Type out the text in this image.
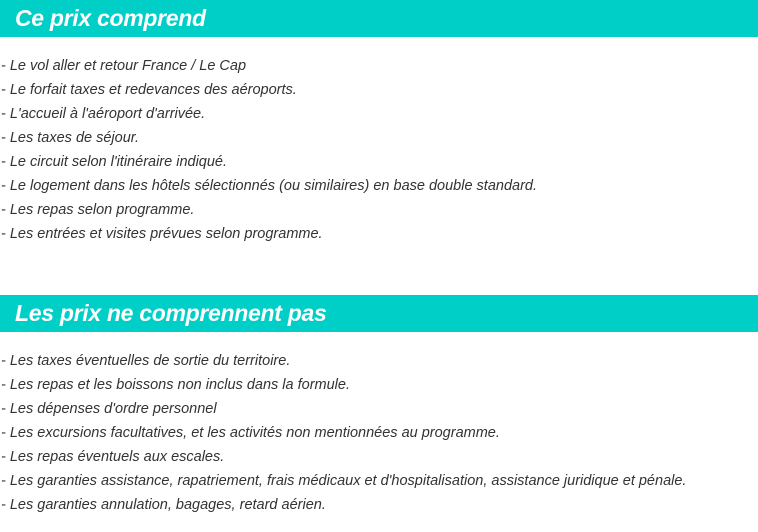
Ce prix comprend
- Le vol aller et retour France / Le Cap
- Le forfait taxes et redevances des aéroports.
- L'accueil à l'aéroport d'arrivée.
- Les taxes de séjour.
- Le circuit selon l'itinéraire indiqué.
- Le logement dans les hôtels sélectionnés (ou similaires) en base double standard.
- Les repas selon programme.
- Les entrées et visites prévues selon programme.
Les prix ne comprennent pas
- Les taxes éventuelles de sortie du territoire.
- Les repas et les boissons non inclus dans la formule.
- Les dépenses d'ordre personnel
- Les excursions facultatives, et les activités non mentionnées au programme.
- Les repas éventuels aux escales.
- Les garanties assistance, rapatriement, frais médicaux et d'hospitalisation, assistance juridique et pénale.
- Les garanties annulation, bagages, retard aérien.
